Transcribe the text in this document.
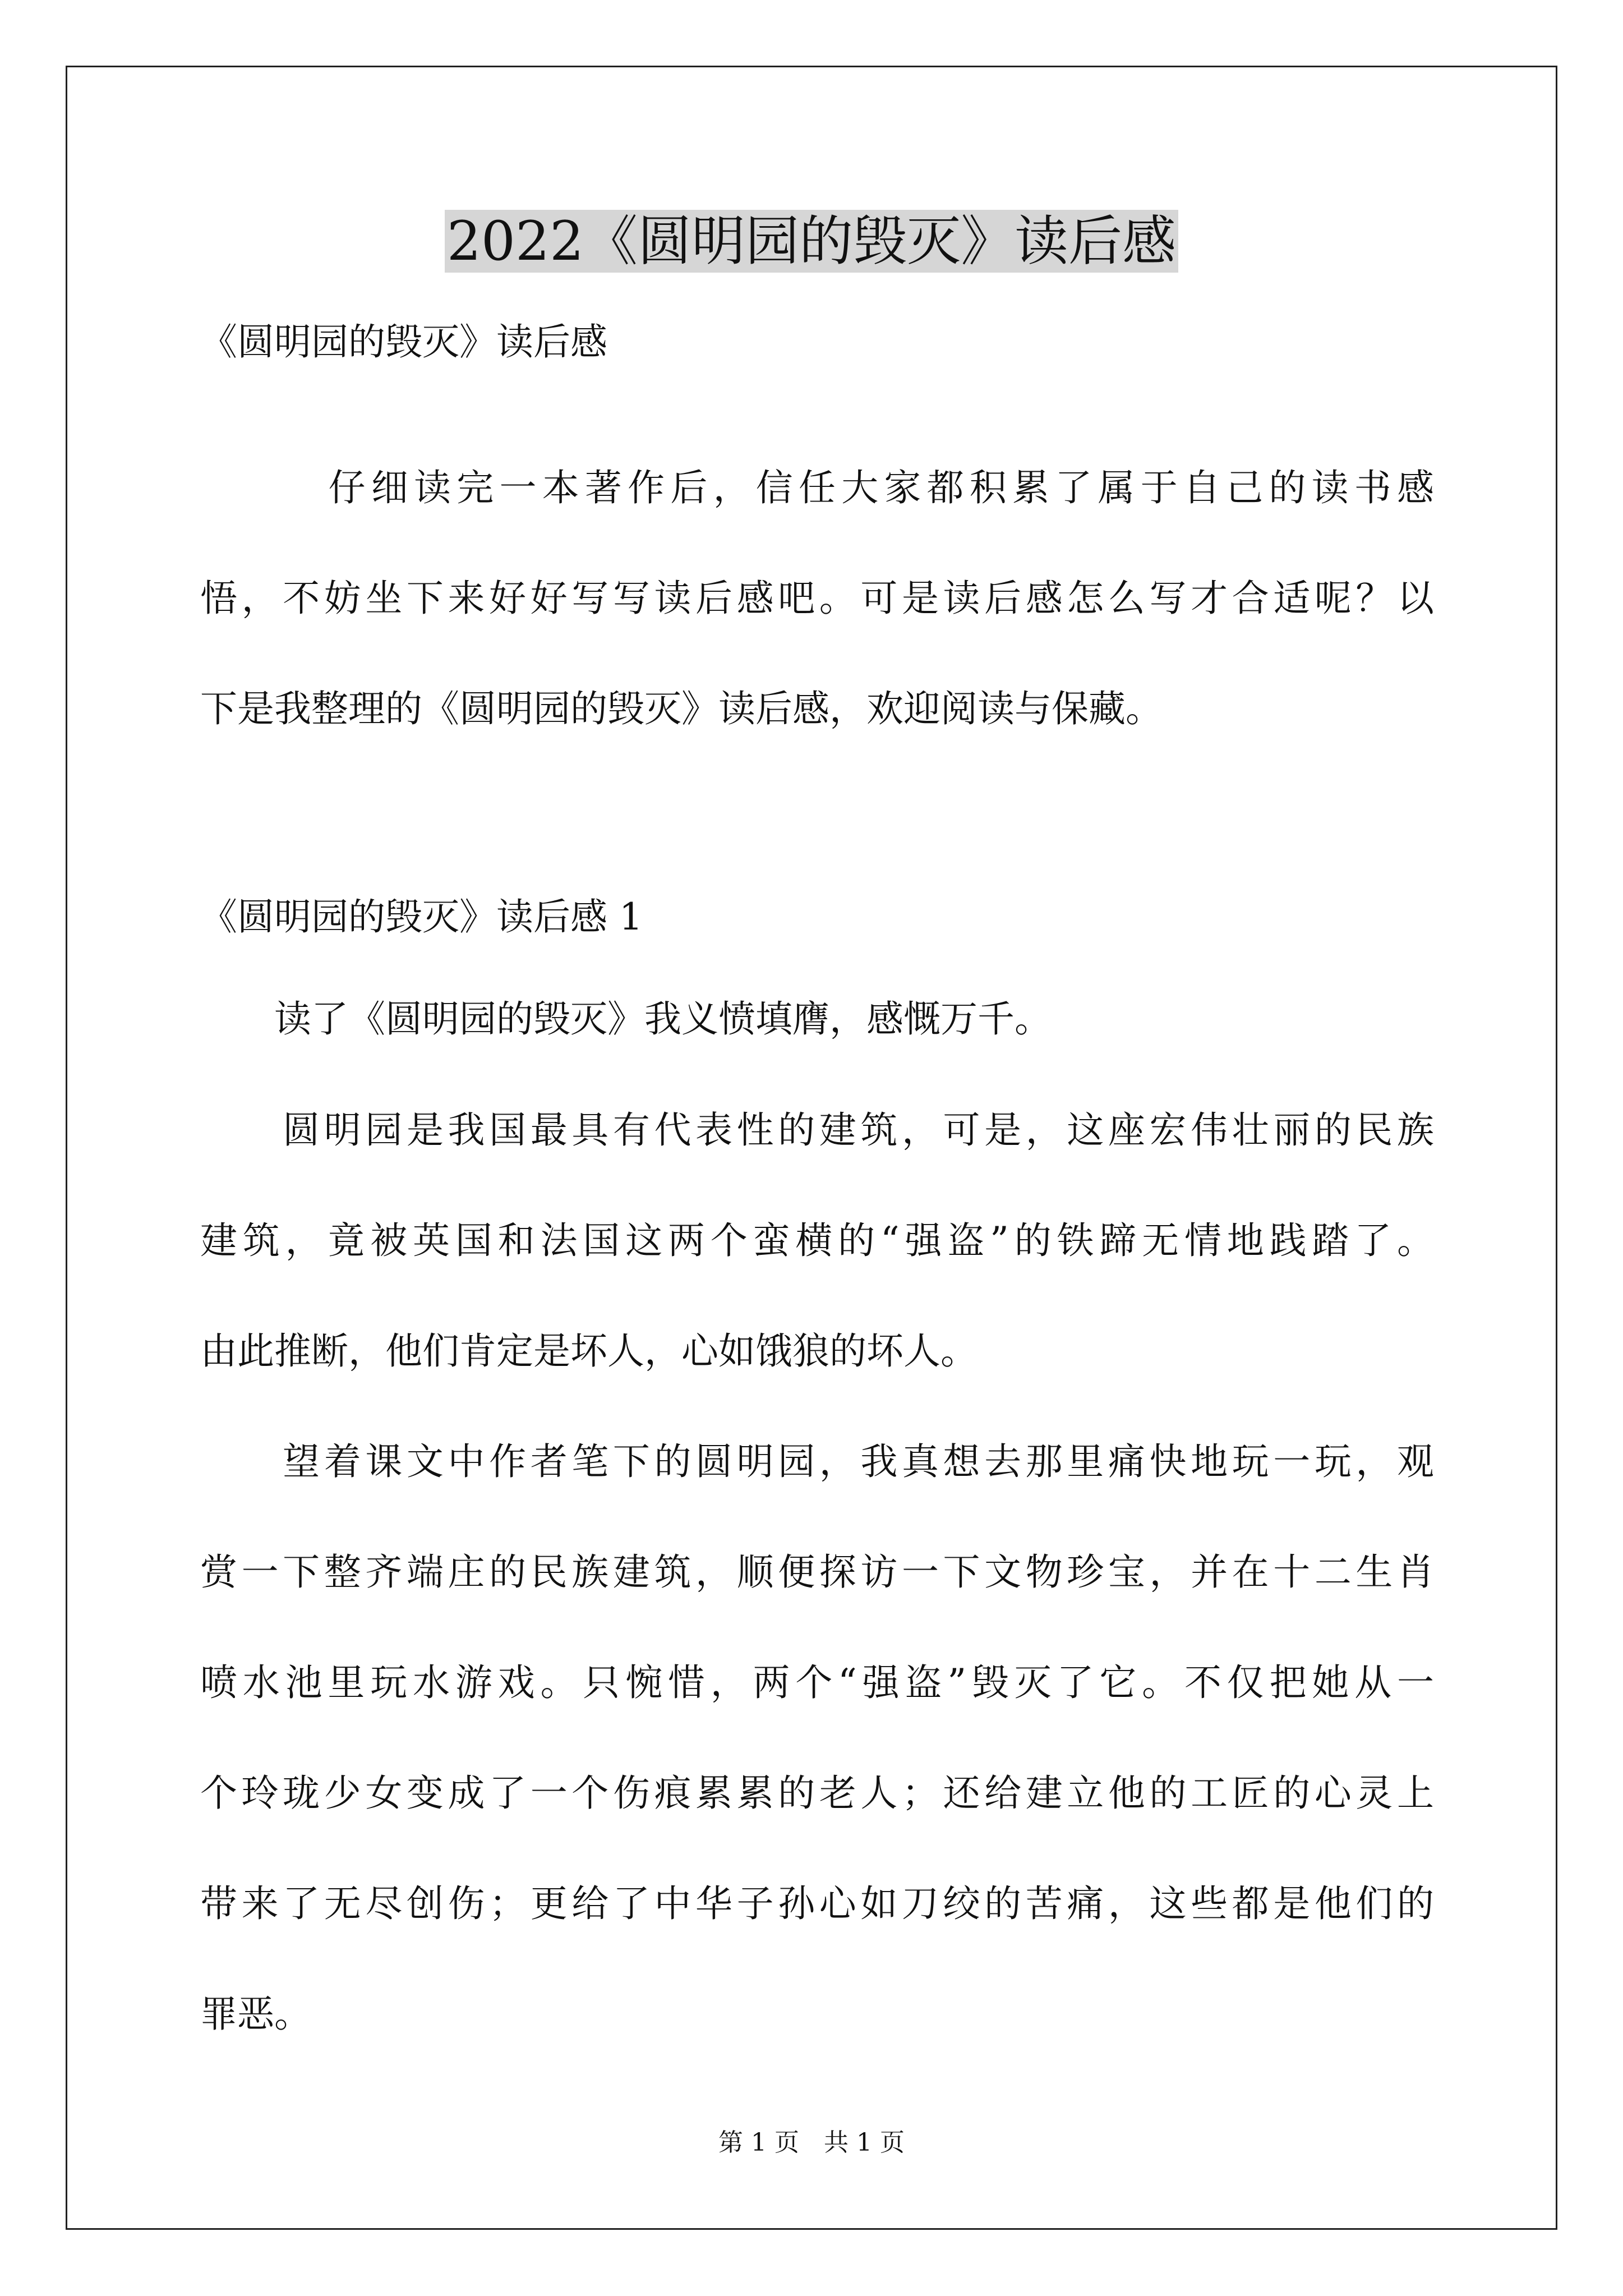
2022《圆明园的毁灭》读后感
《圆明园的毁灭》读后感
　　　仔细读完一本著作后，信任大家都积累了属于自己的读书感
悟，不妨坐下来好好写写读后感吧。可是读后感怎么写才合适呢？以
下是我整理的《圆明园的毁灭》读后感，欢迎阅读与保藏。
《圆明园的毁灭》读后感 1
　　读了《圆明园的毁灭》我义愤填膺，感慨万千。
　　圆明园是我国最具有代表性的建筑，可是，这座宏伟壮丽的民族
建筑，竟被英国和法国这两个蛮横的“强盗”的铁蹄无情地践踏了。
由此推断，他们肯定是坏人，心如饿狼的坏人。
　　望着课文中作者笔下的圆明园，我真想去那里痛快地玩一玩，观
赏一下整齐端庄的民族建筑，顺便探访一下文物珍宝，并在十二生肖
喷水池里玩水游戏。只惋惜，两个“强盗”毁灭了它。不仅把她从一
个玲珑少女变成了一个伤痕累累的老人；还给建立他的工匠的心灵上
带来了无尽创伤；更给了中华子孙心如刀绞的苦痛，这些都是他们的
罪恶。
第 1 页　共 1 页
